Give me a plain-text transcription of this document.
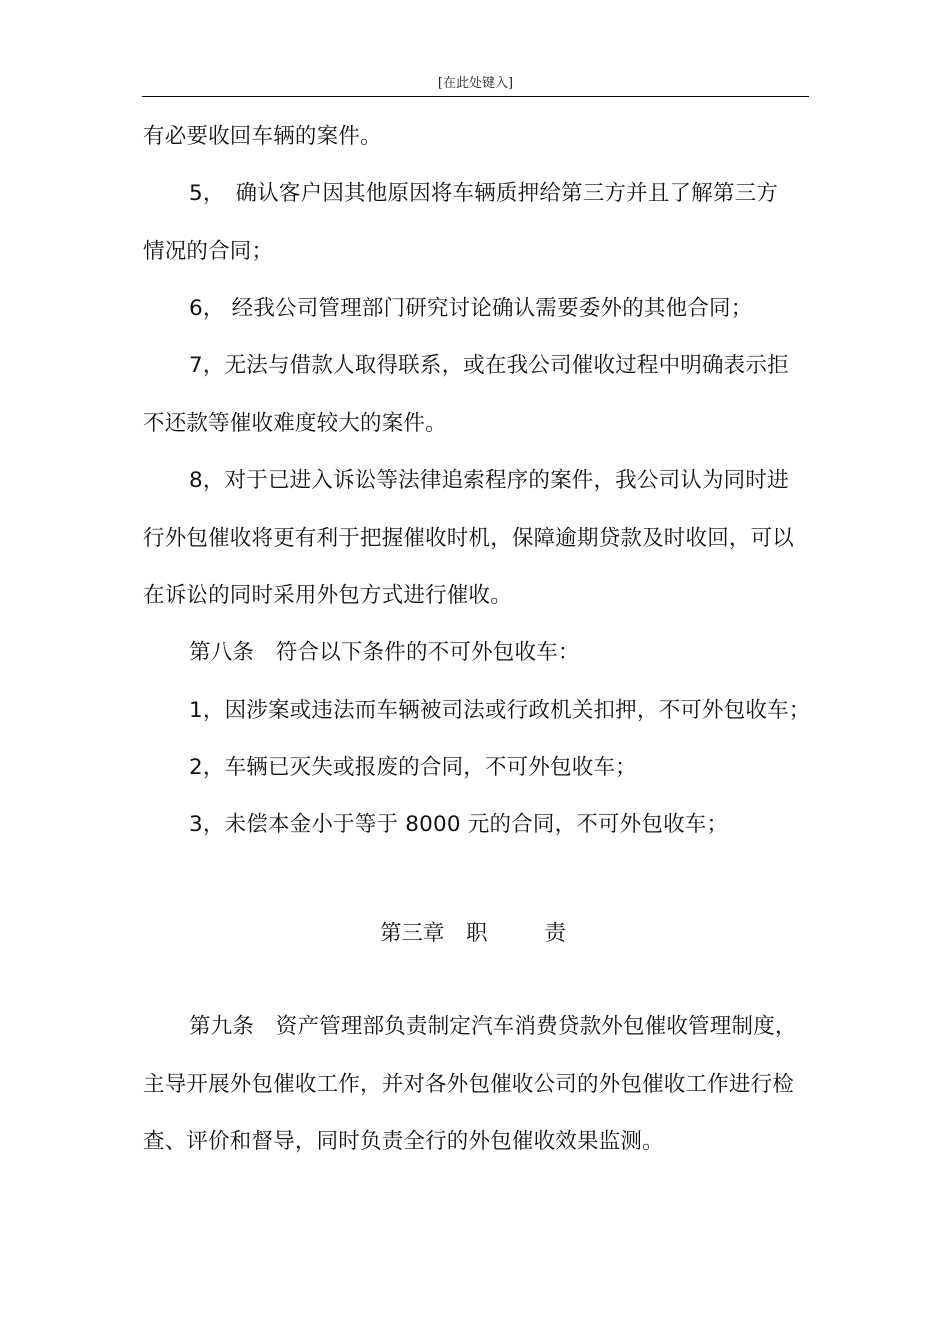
[在此处键入]
有必要收回车辆的案件。
5，　确认客户因其他原因将车辆质押给第三方并且了解第三方
情况的合同；
6， 经我公司管理部门研究讨论确认需要委外的其他合同；
7，无法与借款人取得联系，或在我公司催收过程中明确表示拒
不还款等催收难度较大的案件。
8，对于已进入诉讼等法律追索程序的案件，我公司认为同时进
行外包催收将更有利于把握催收时机，保障逾期贷款及时收回，可以
在诉讼的同时采用外包方式进行催收。
第八条　符合以下条件的不可外包收车：
1，因涉案或违法而车辆被司法或行政机关扣押，不可外包收车；
2，车辆已灭失或报废的合同，不可外包收车；
3，未偿本金小于等于 8000 元的合同，不可外包收车；
第三章　职	责
第九条　资产管理部负责制定汽车消费贷款外包催收管理制度，
主导开展外包催收工作，并对各外包催收公司的外包催收工作进行检
查、评价和督导，同时负责全行的外包催收效果监测。
